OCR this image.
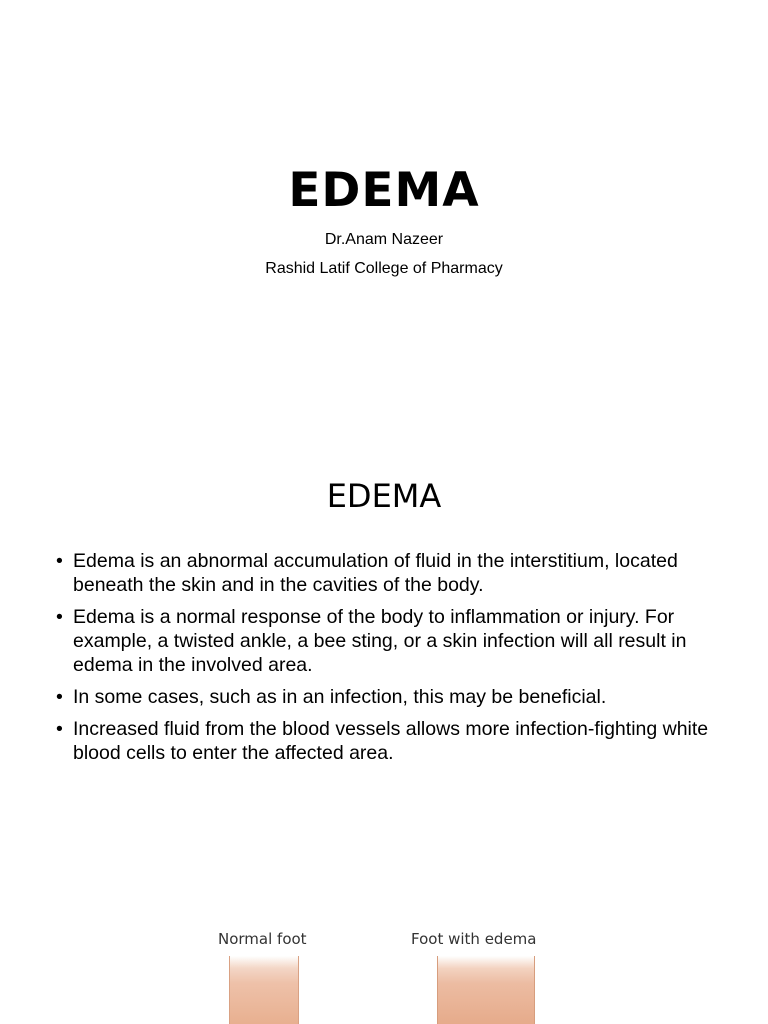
EDEMA
Dr.Anam Nazeer
Rashid Latif College of Pharmacy
EDEMA
• Edema is an abnormal accumulation of fluid in the interstitium, located beneath the skin and in the cavities of the body.
• Edema is a normal response of the body to inflammation or injury. For example, a twisted ankle, a bee sting, or a skin infection will all result in edema in the involved area.
• In some cases, such as in an infection, this may be beneficial.
• Increased fluid from the blood vessels allows more infection-fighting white blood cells to enter the affected area.
Normal foot	Foot with edema
